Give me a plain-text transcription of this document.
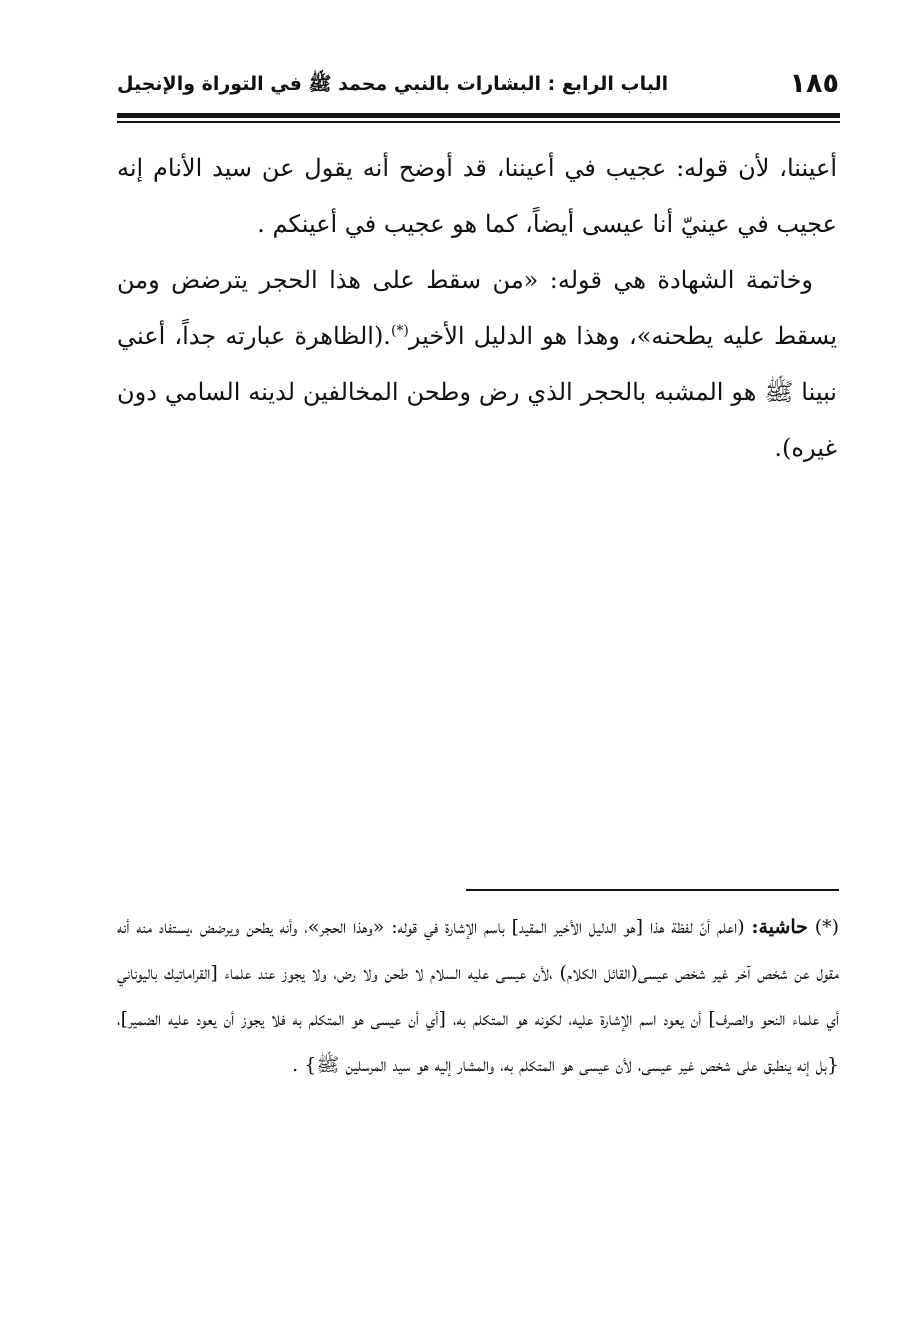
١٨٥
الباب الرابع : البشارات بالنبي محمد ﷺ في التوراة والإنجيل

أعيننا، لأن قوله: عجيب في أعيننا، قد أوضح أنه يقول عن سيد الأنام إنه عجيب في عينيّ أنا عيسى أيضاً، كما هو عجيب في أعينكم .

وخاتمة الشهادة هي قوله: «من سقط على هذا الحجر يترضض ومن يسقط عليه يطحنه»، وهذا هو الدليل الأخير(*).(الظاهرة عبارته جداً، أعني نبينا ﷺ هو المشبه بالحجر الذي رض وطحن المخالفين لدينه السامي دون غيره).

(*) حاشية: (اعلم أنّ لفظة هذا [هو الدليل الأخير المقيد] باسم الإشارة في قوله: «وهذا الحجر»، وأنه يطحن ويرضض ،يستفاد منه أنه مقول عن شخص آخر غير شخص عيسى(القائل الكلام) ،لأن عيسى عليه السلام لا طحن ولا رض، ولا يجوز عند علماء [القراماتيك باليوناني أي علماء النحو والصرف] أن يعود اسم الإشارة عليه، لكونه هو المتكلم به، [أي أن عيسى هو المتكلم به فلا يجوز أن يعود عليه الضمير]، {بل إنه ينطبق على شخص غير عيسى، لأن عيسى هو المتكلم به، والمشار إليه هو سيد المرسلين ﷺ} .
